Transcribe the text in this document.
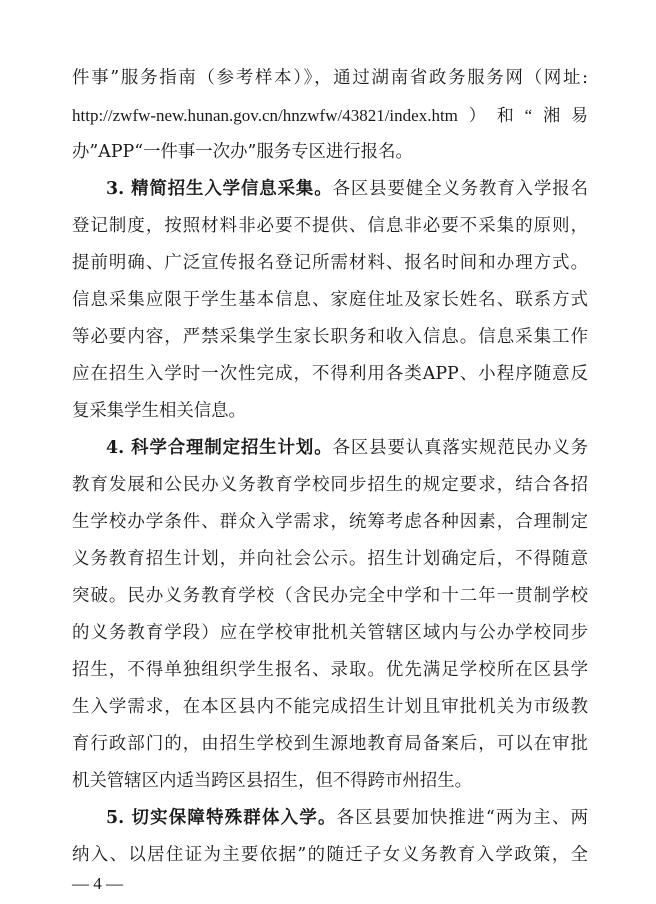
件事”服务指南（参考样本）》，通过湖南省政务服务网（网址:
http://zwfw-new.hunan.gov.cn/hnzwfw/43821/index.htm）和“湘易
办”APP“一件事一次办”服务专区进行报名。
3. 精简招生入学信息采集。各区县要健全义务教育入学报名
登记制度，按照材料非必要不提供、信息非必要不采集的原则，
提前明确、广泛宣传报名登记所需材料、报名时间和办理方式。
信息采集应限于学生基本信息、家庭住址及家长姓名、联系方式
等必要内容，严禁采集学生家长职务和收入信息。信息采集工作
应在招生入学时一次性完成，不得利用各类APP、小程序随意反
复采集学生相关信息。
4. 科学合理制定招生计划。各区县要认真落实规范民办义务
教育发展和公民办义务教育学校同步招生的规定要求，结合各招
生学校办学条件、群众入学需求，统筹考虑各种因素，合理制定
义务教育招生计划，并向社会公示。招生计划确定后，不得随意
突破。民办义务教育学校（含民办完全中学和十二年一贯制学校
的义务教育学段）应在学校审批机关管辖区域内与公办学校同步
招生，不得单独组织学生报名、录取。优先满足学校所在区县学
生入学需求，在本区县内不能完成招生计划且审批机关为市级教
育行政部门的，由招生学校到生源地教育局备案后，可以在审批
机关管辖区内适当跨区县招生，但不得跨市州招生。
5. 切实保障特殊群体入学。各区县要加快推进“两为主、两
纳入、以居住证为主要依据”的随迁子女义务教育入学政策，全
— 4 —
